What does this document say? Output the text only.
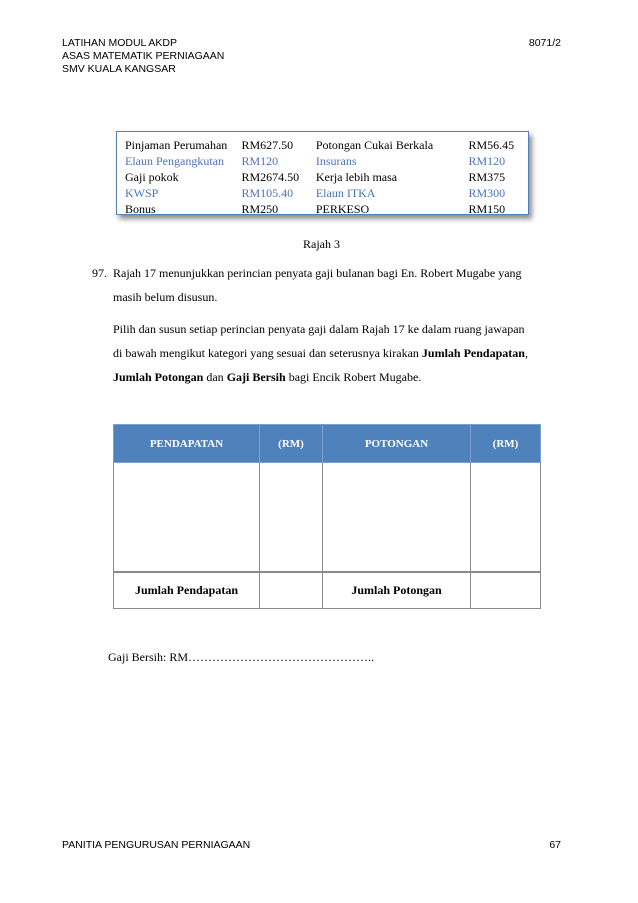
LATIHAN MODUL AKDP
ASAS MATEMATIK PERNIAGAAN
SMV KUALA KANGSAR
8071/2
Pinjaman Perumahan	RM627.50	Potongan Cukai Berkala	RM56.45
Elaun Pengangkutan	RM120	Insurans	RM120
Gaji pokok	RM2674.50	Kerja lebih masa	RM375
KWSP	RM105.40	Elaun ITKA	RM300
Bonus	RM250	PERKESO	RM150
Rajah 3
97. Rajah 17 menunjukkan perincian penyata gaji bulanan bagi En. Robert Mugabe yang
masih belum disusun.
Pilih dan susun setiap perincian penyata gaji dalam Rajah 17 ke dalam ruang jawapan
di bawah mengikut kategori yang sesuai dan seterusnya kirakan Jumlah Pendapatan,
Jumlah Potongan dan Gaji Bersih bagi Encik Robert Mugabe.
PENDAPATAN	(RM)	POTONGAN	(RM)

Jumlah Pendapatan		Jumlah Potongan	
Gaji Bersih: RM………………………………………..
PANITIA PENGURUSAN PERNIAGAAN	67
